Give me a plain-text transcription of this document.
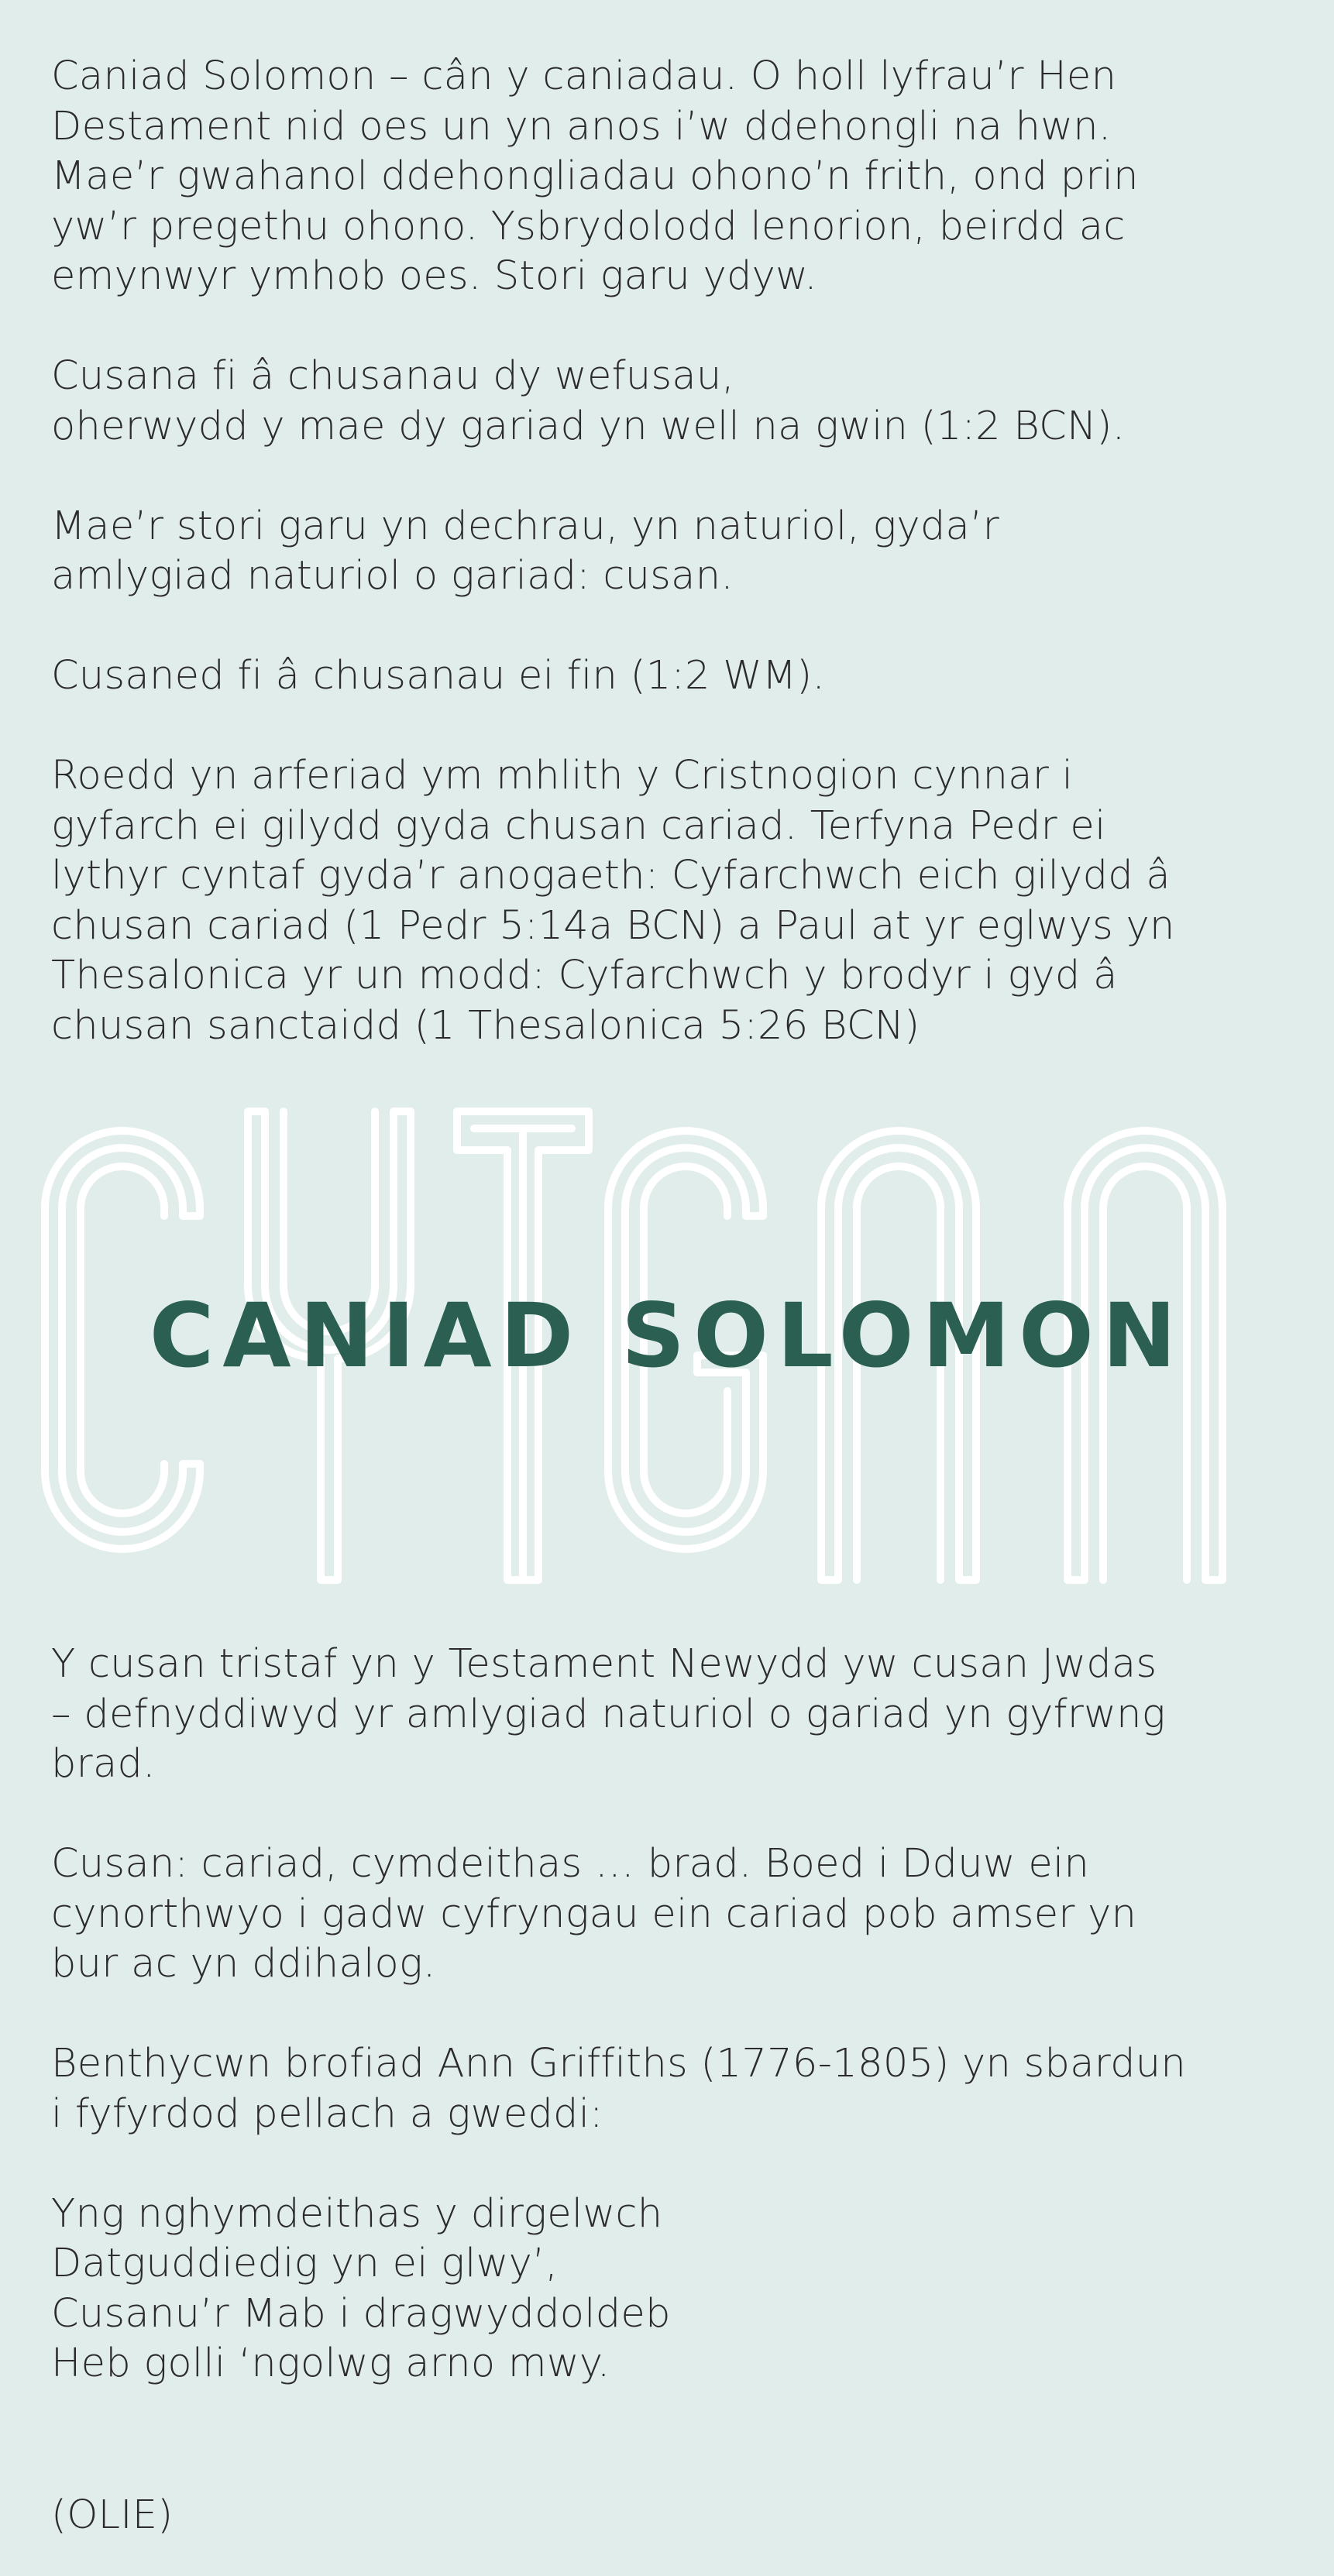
Caniad Solomon – cân y caniadau. O holl lyfrau’r Hen
Destament nid oes un yn anos i’w ddehongli na hwn.
Mae’r gwahanol ddehongliadau ohono’n frith, ond prin
yw’r pregethu ohono. Ysbrydolodd lenorion, beirdd ac
emynwyr ymhob oes. Stori garu ydyw.

Cusana fi â chusanau dy wefusau,
oherwydd y mae dy gariad yn well na gwin (1:2 BCN).

Mae’r stori garu yn dechrau, yn naturiol, gyda’r
amlygiad naturiol o gariad: cusan.

Cusaned fi â chusanau ei fin (1:2 WM).

Roedd yn arferiad ym mhlith y Cristnogion cynnar i
gyfarch ei gilydd gyda chusan cariad. Terfyna Pedr ei
lythyr cyntaf gyda’r anogaeth: Cyfarchwch eich gilydd â
chusan cariad (1 Pedr 5:14a BCN) a Paul at yr eglwys yn
Thesalonica yr un modd: Cyfarchwch y brodyr i gyd â
chusan sanctaidd (1 Thesalonica 5:26 BCN)

CANIAD SOLOMON

Y cusan tristaf yn y Testament Newydd yw cusan Jwdas
– defnyddiwyd yr amlygiad naturiol o gariad yn gyfrwng
brad.

Cusan: cariad, cymdeithas … brad. Boed i Dduw ein
cynorthwyo i gadw cyfryngau ein cariad pob amser yn
bur ac yn ddihalog.

Benthycwn brofiad Ann Griffiths (1776-1805) yn sbardun
i fyfyrdod pellach a gweddi:

Yng nghymdeithas y dirgelwch
Datguddiedig yn ei glwy’,
Cusanu’r Mab i dragwyddoldeb
Heb golli ‘ngolwg arno mwy.

(OLIE)
